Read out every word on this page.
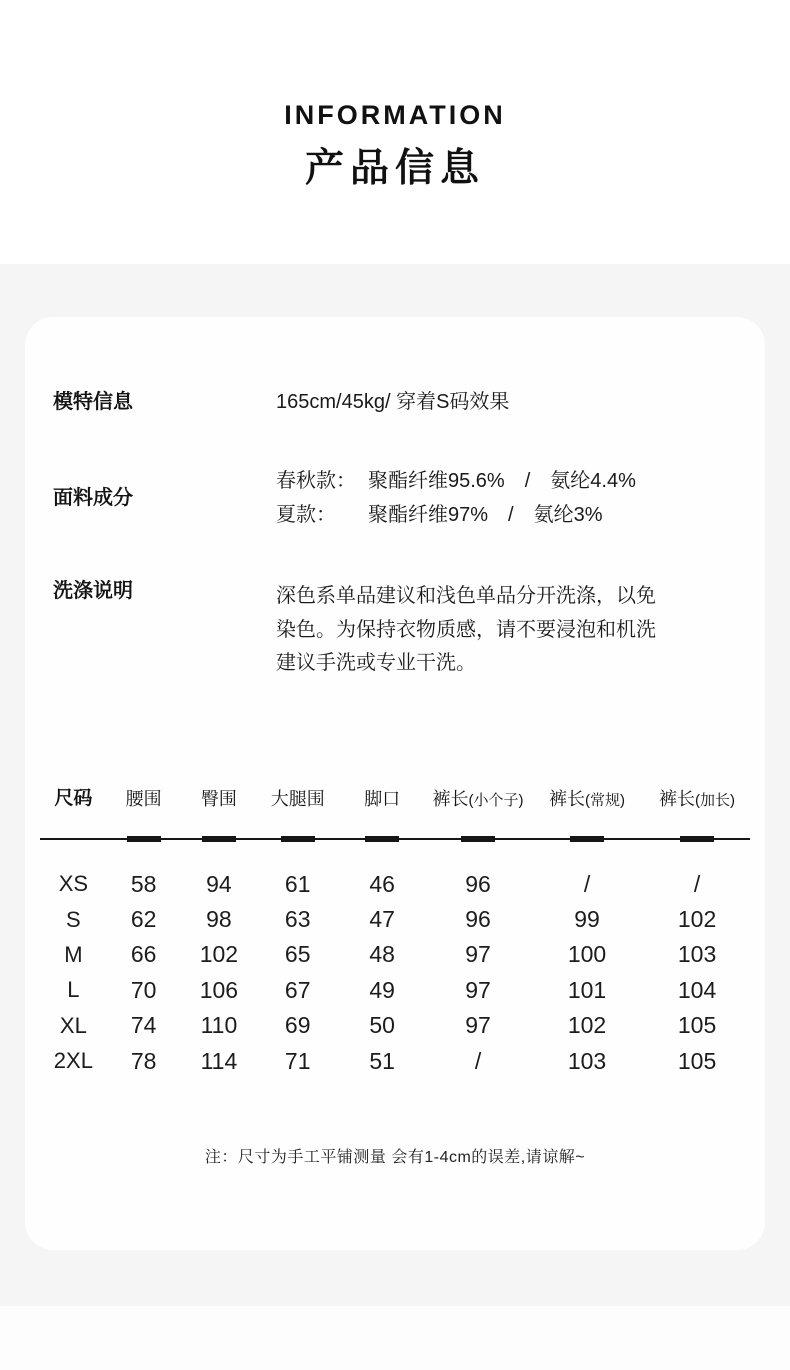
INFORMATION
产品信息
模特信息	165cm/45kg/ 穿着S码效果
面料成分
春秋款： 聚酯纤维95.6% / 氨纶4.4%
夏款：	聚酯纤维97% / 氨纶3%
洗涤说明	深色系单品建议和浅色单品分开洗涤，以免
染色。为保持衣物质感，请不要浸泡和机洗
建议手洗或专业干洗。
尺码	腰围	臀围	大腿围	脚口	裤长(小个子)	裤长(常规)	裤长(加长)
XS	58	94	61	46	96	/	/
S	62	98	63	47	96	99	102
M	66	102	65	48	97	100	103
L	70	106	67	49	97	101	104
XL	74	110	69	50	97	102	105
2XL	78	114	71	51	/	103	105
注：尺寸为手工平铺测量 会有1-4cm的误差,请谅解~
